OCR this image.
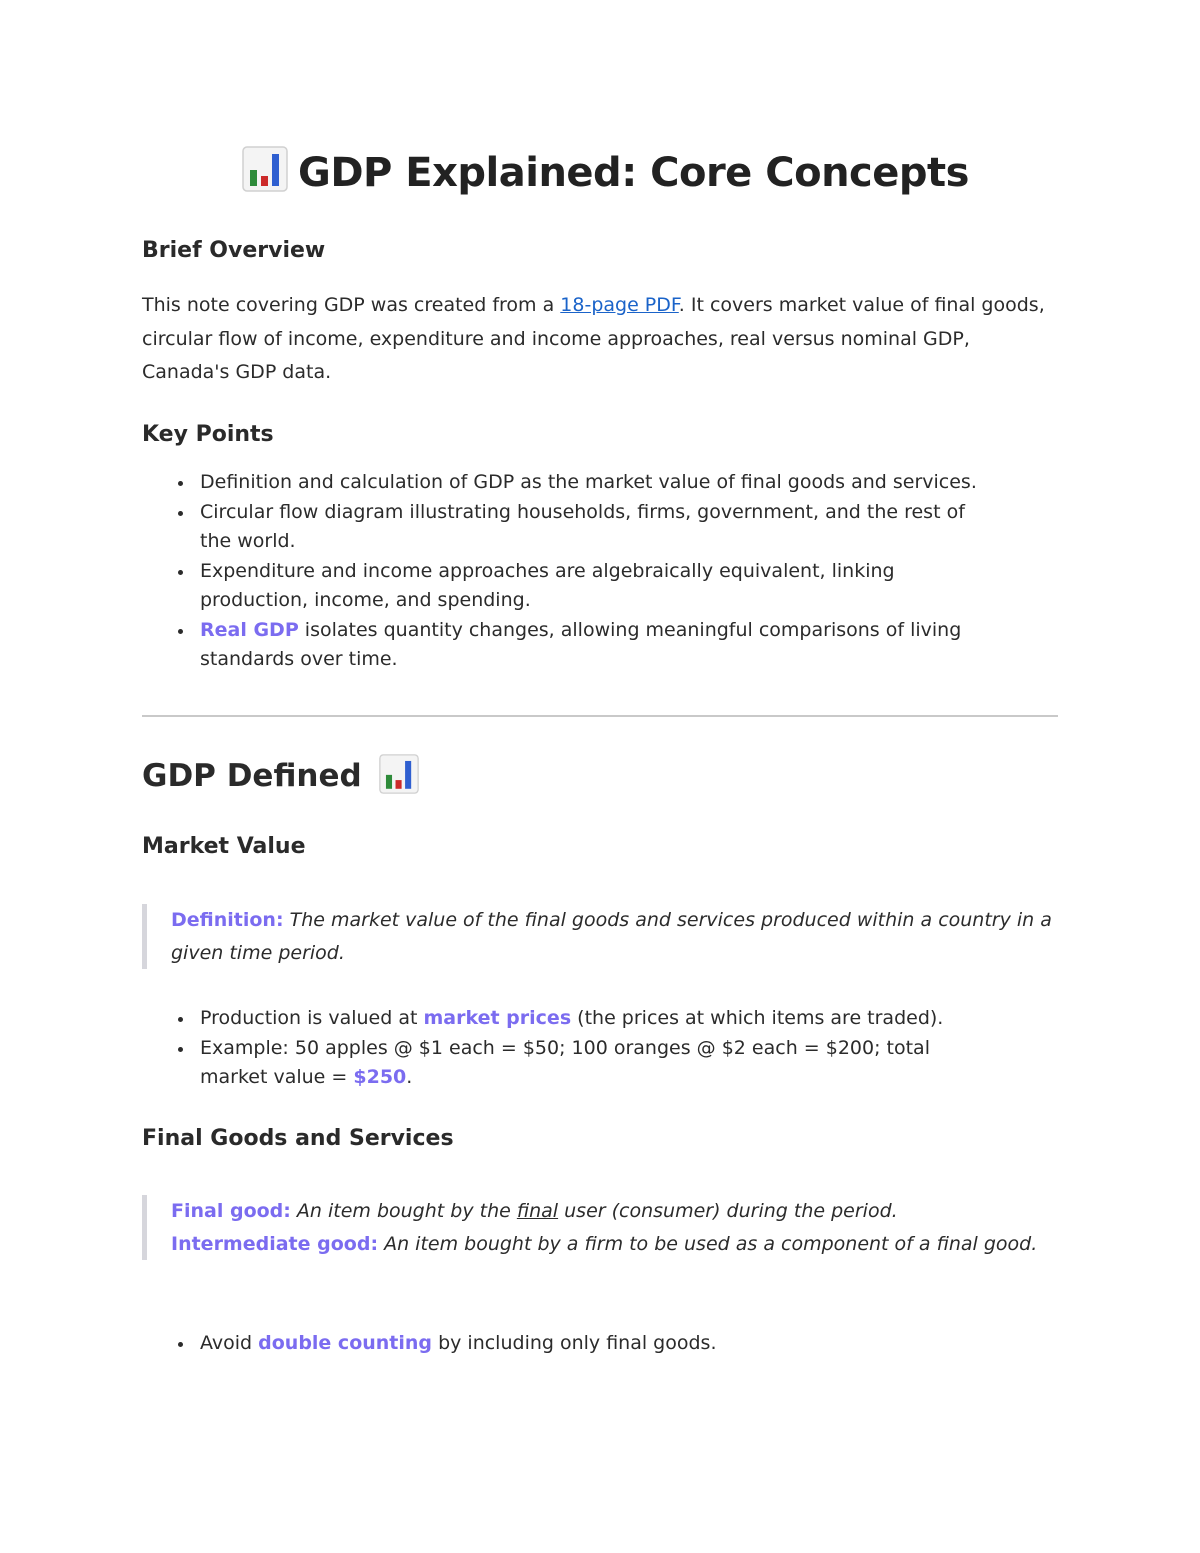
GDP Explained: Core Concepts
Brief Overview
This note covering GDP was created from a 18-page PDF. It covers market value of final goods, circular flow of income, expenditure and income approaches, real versus nominal GDP, Canada's GDP data.
Key Points
Definition and calculation of GDP as the market value of final goods and services.
Circular flow diagram illustrating households, firms, government, and the rest of the world.
Expenditure and income approaches are algebraically equivalent, linking production, income, and spending.
Real GDP isolates quantity changes, allowing meaningful comparisons of living standards over time.
GDP Defined
Market Value
Definition: The market value of the final goods and services produced within a country in a given time period.
Production is valued at market prices (the prices at which items are traded).
Example: 50 apples @ $1 each = $50; 100 oranges @ $2 each = $200; total market value = $250.
Final Goods and Services
Final good: An item bought by the final user (consumer) during the period.
Intermediate good: An item bought by a firm to be used as a component of a final good.
Avoid double counting by including only final goods.
